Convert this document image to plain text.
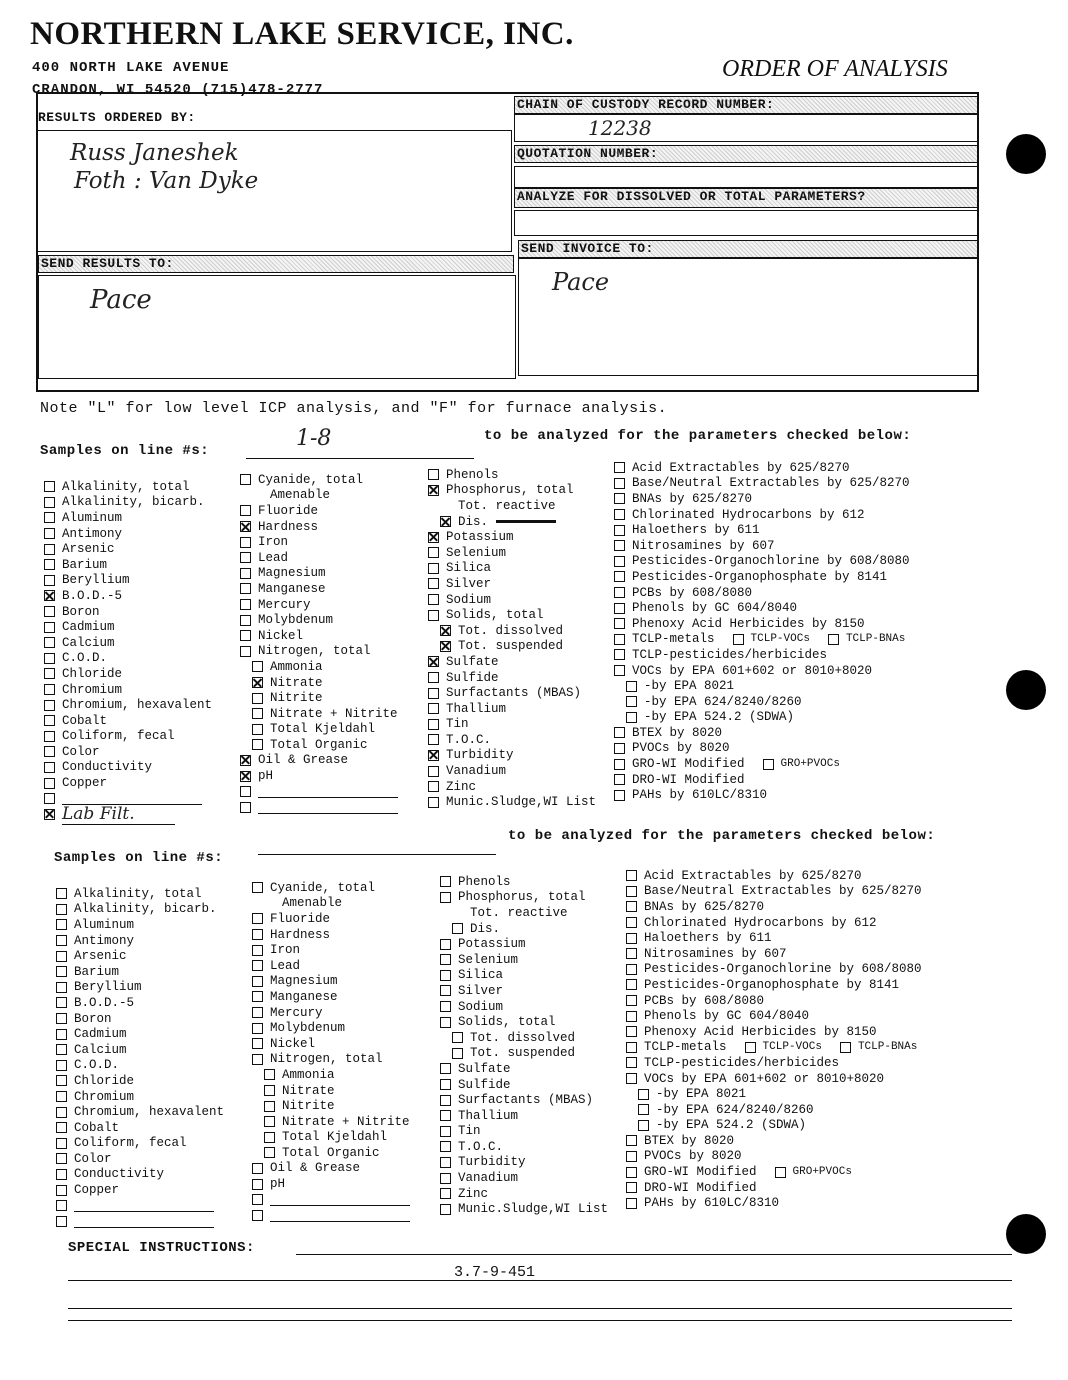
NORTHERN LAKE SERVICE, INC.
400 NORTH LAKE AVENUE
CRANDON, WI 54520 (715)478-2777
ORDER OF ANALYSIS
RESULTS ORDERED BY:
Russ Janeshek
Foth : Van Dyke
CHAIN OF CUSTODY RECORD NUMBER:
12238
QUOTATION NUMBER:
ANALYZE FOR DISSOLVED OR TOTAL PARAMETERS?
SEND RESULTS TO:
Pace
SEND INVOICE TO:
Pace
Note "L" for low level ICP analysis, and "F" for furnace analysis.
Samples on line #s:	1-8	to be analyzed for the parameters checked below:
Alkalinity, total
Alkalinity, bicarb.
Aluminum
Antimony
Arsenic
Barium
Beryllium
B.O.D.-5
Boron
Cadmium
Calcium
C.O.D.
Chloride
Chromium
Chromium, hexavalent
Cobalt
Coliform, fecal
Color
Conductivity
Copper
Lab Filt.
Cyanide, total
Amenable
Fluoride
Hardness
Iron
Lead
Magnesium
Manganese
Mercury
Molybdenum
Nickel
Nitrogen, total
Ammonia
Nitrate
Nitrite
Nitrate + Nitrite
Total Kjeldahl
Total Organic
Oil & Grease
pH
Phenols
Phosphorus, total
Tot. reactive
Dis.
Potassium
Selenium
Silica
Silver
Sodium
Solids, total
Tot. dissolved
Tot. suspended
Sulfate
Sulfide
Surfactants (MBAS)
Thallium
Tin
T.O.C.
Turbidity
Vanadium
Zinc
Munic.Sludge,WI List
Acid Extractables by 625/8270
Base/Neutral Extractables by 625/8270
BNAs by 625/8270
Chlorinated Hydrocarbons by 612
Haloethers by 611
Nitrosamines by 607
Pesticides-Organochlorine by 608/8080
Pesticides-Organophosphate by 8141
PCBs by 608/8080
Phenols by GC 604/8040
Phenoxy Acid Herbicides by 8150
TCLP-metals	TCLP-VOCs	TCLP-BNAs
TCLP-pesticides/herbicides
VOCs by EPA 601+602 or 8010+8020
-by EPA 8021
-by EPA 624/8240/8260
-by EPA 524.2 (SDWA)
BTEX by 8020
PVOCs by 8020
GRO-WI Modified	GRO+PVOCs
DRO-WI Modified
PAHs by 610LC/8310
Samples on line #s:
to be analyzed for the parameters checked below:
Alkalinity, total
Alkalinity, bicarb.
Aluminum
Antimony
Arsenic
Barium
Beryllium
B.O.D.-5
Boron
Cadmium
Calcium
C.O.D.
Chloride
Chromium
Chromium, hexavalent
Cobalt
Coliform, fecal
Color
Conductivity
Copper
Cyanide, total
Amenable
Fluoride
Hardness
Iron
Lead
Magnesium
Manganese
Mercury
Molybdenum
Nickel
Nitrogen, total
Ammonia
Nitrate
Nitrite
Nitrate + Nitrite
Total Kjeldahl
Total Organic
Oil & Grease
pH
Phenols
Phosphorus, total
Tot. reactive
Dis.
Potassium
Selenium
Silica
Silver
Sodium
Solids, total
Tot. dissolved
Tot. suspended
Sulfate
Sulfide
Surfactants (MBAS)
Thallium
Tin
T.O.C.
Turbidity
Vanadium
Zinc
Munic.Sludge,WI List
Acid Extractables by 625/8270
Base/Neutral Extractables by 625/8270
BNAs by 625/8270
Chlorinated Hydrocarbons by 612
Haloethers by 611
Nitrosamines by 607
Pesticides-Organochlorine by 608/8080
Pesticides-Organophosphate by 8141
PCBs by 608/8080
Phenols by GC 604/8040
Phenoxy Acid Herbicides by 8150
TCLP-metals	TCLP-VOCs	TCLP-BNAs
TCLP-pesticides/herbicides
VOCs by EPA 601+602 or 8010+8020
-by EPA 8021
-by EPA 624/8240/8260
-by EPA 524.2 (SDWA)
BTEX by 8020
PVOCs by 8020
GRO-WI Modified	GRO+PVOCs
DRO-WI Modified
PAHs by 610LC/8310
SPECIAL INSTRUCTIONS:
3.7-9-451
